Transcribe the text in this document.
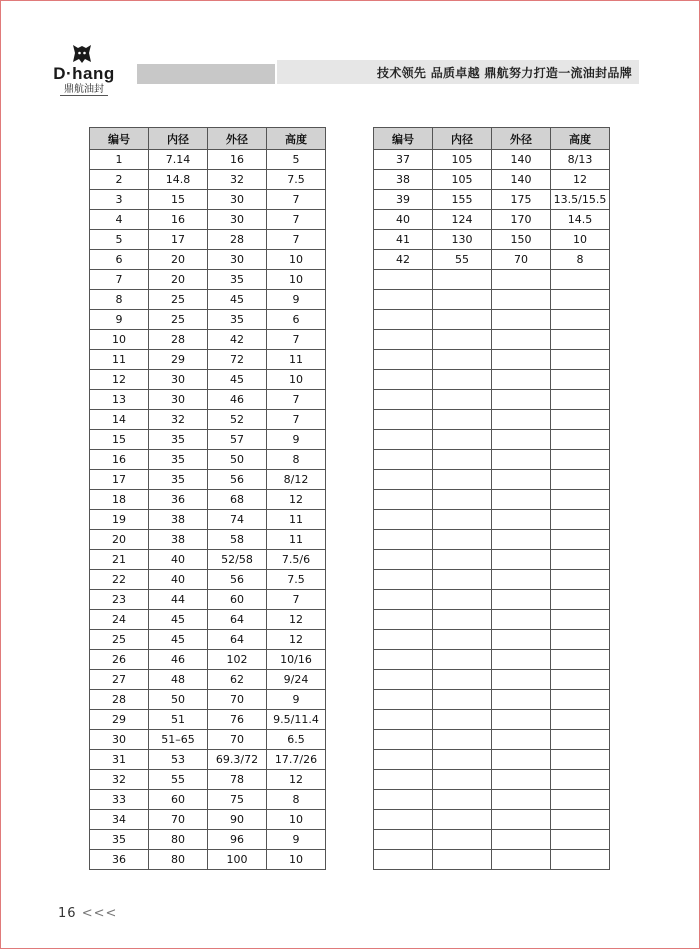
D·hang
鼎航油封
技术领先 品质卓越 鼎航努力打造一流油封品牌
编号	内径	外径	高度
1	7.14	16	5
2	14.8	32	7.5
3	15	30	7
4	16	30	7
5	17	28	7
6	20	30	10
7	20	35	10
8	25	45	9
9	25	35	6
10	28	42	7
11	29	72	11
12	30	45	10
13	30	46	7
14	32	52	7
15	35	57	9
16	35	50	8
17	35	56	8/12
18	36	68	12
19	38	74	11
20	38	58	11
21	40	52/58	7.5/6
22	40	56	7.5
23	44	60	7
24	45	64	12
25	45	64	12
26	46	102	10/16
27	48	62	9/24
28	50	70	9
29	51	76	9.5/11.4
30	51–65	70	6.5
31	53	69.3/72	17.7/26
32	55	78	12
33	60	75	8
34	70	90	10
35	80	96	9
36	80	100	10
编号	内径	外径	高度
37	105	140	8/13
38	105	140	12
39	155	175	13.5/15.5
40	124	170	14.5
41	130	150	10
42	55	70	8

16 <<<
